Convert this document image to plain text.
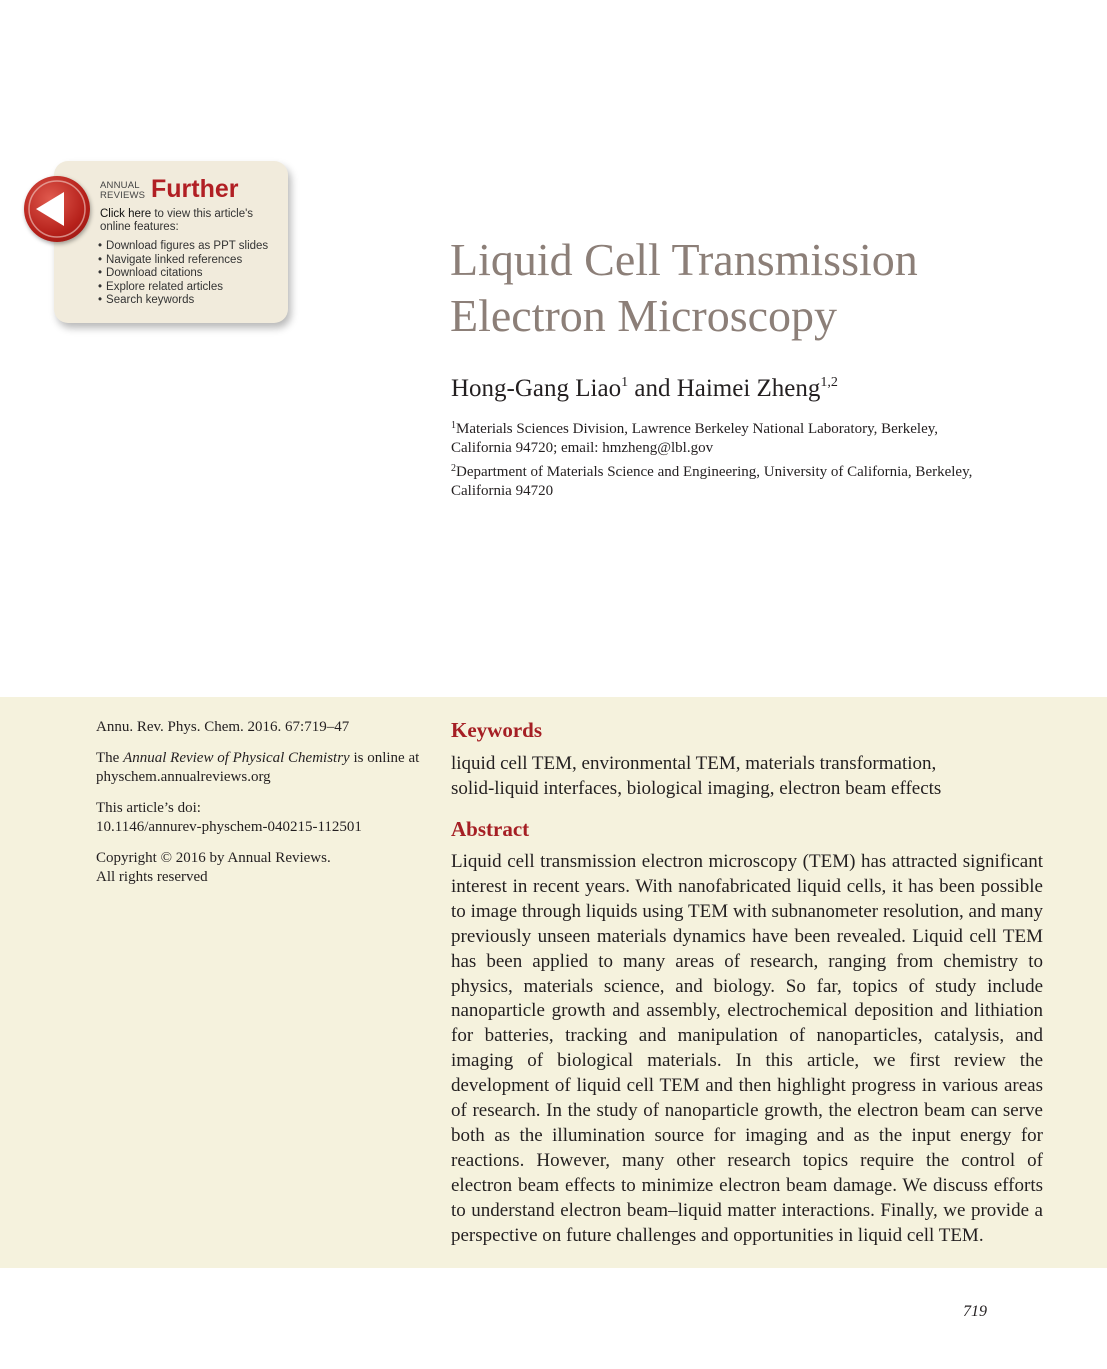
ANNUAL
REVIEWS Further
Click here to view this article's online features:
• Download figures as PPT slides
• Navigate linked references
• Download citations
• Explore related articles
• Search keywords
Liquid Cell Transmission
Electron Microscopy
Hong-Gang Liao$^1$ and Haimei Zheng$^{1,2}$
$^1$Materials Sciences Division, Lawrence Berkeley National Laboratory, Berkeley,
California 94720; email: hmzheng@lbl.gov
$^2$Department of Materials Science and Engineering, University of California, Berkeley,
California 94720
Annu. Rev. Phys. Chem. 2016. 67:719–47
The Annual Review of Physical Chemistry is online at
physchem.annualreviews.org
This article’s doi:
10.1146/annurev-physchem-040215-112501
Copyright © 2016 by Annual Reviews.
All rights reserved
Keywords
liquid cell TEM, environmental TEM, materials transformation,
solid-liquid interfaces, biological imaging, electron beam effects
Abstract

Liquid cell transmission electron microscopy (TEM) has attracted significant interest in recent years. With nanofabricated liquid cells, it has been possible to image through liquids using TEM with subnanometer resolution, and many previously unseen materials dynamics have been revealed. Liquid cell TEM has been applied to many areas of research, ranging from chemistry to physics, materials science, and biology. So far, topics of study include nanoparticle growth and assembly, electrochemical deposition and lithiation for batteries, tracking and manipulation of nanoparticles, catalysis, and imaging of biological materials. In this article, we first review the development of liquid cell TEM and then highlight progress in various areas of research. In the study of nanoparticle growth, the electron beam can serve both as the illumination source for imaging and as the input energy for reactions. However, many other research topics require the control of electron beam effects to minimize electron beam damage. We discuss efforts to understand electron beam–liquid matter interactions. Finally, we provide a perspective on future challenges and opportunities in liquid cell TEM.

719
